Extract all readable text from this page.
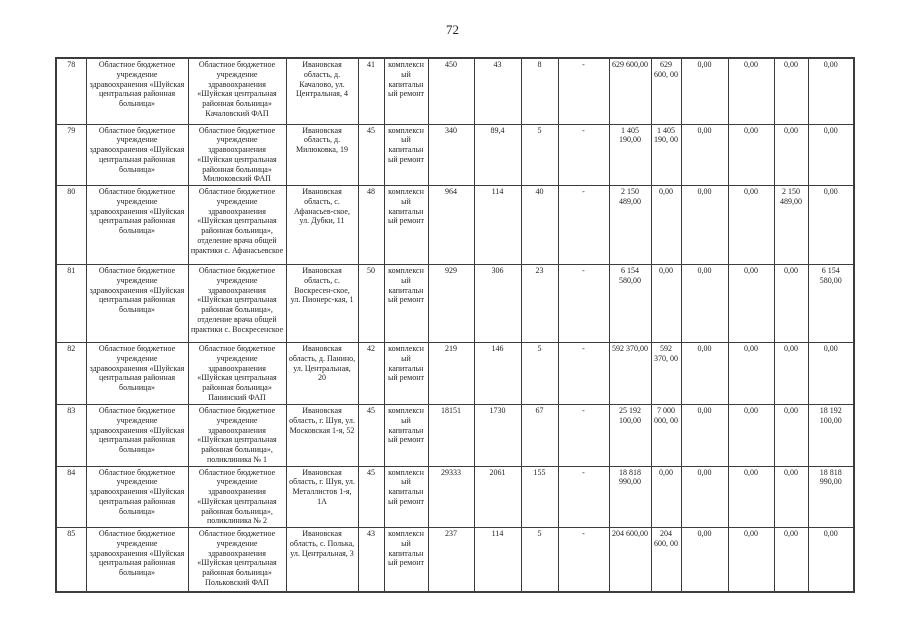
72
78	Областное бюджетное учреждение здравоохранения «Шуйская центральная районная больница»	Областное бюджетное учреждение здравоохранения «Шуйская центральная районная больница» Качаловский ФАП	Ивановская область, д. Качалово, ул. Центральная, 4	41	комплексный капитальный ремонт	450	43	8	-	629 600,00	629 600, 00	0,00	0,00	0,00	0,00
79	Областное бюджетное учреждение здравоохранения «Шуйская центральная районная больница»	Областное бюджетное учреждение здравоохранения «Шуйская центральная районная больница» Милюковский ФАП	Ивановская область, д. Милюковка, 19	45	комплексный капитальный ремонт	340	89,4	5	-	1 405 190,00	1 405 190, 00	0,00	0,00	0,00	0,00
80	Областное бюджетное учреждение здравоохранения «Шуйская центральная районная больница»	Областное бюджетное учреждение здравоохранения «Шуйская центральная районная больница», отделение врача общей практики с. Афанасьевское	Ивановская область, с. Афанасьев-ское, ул. Дубки, 11	48	комплексный капитальный ремонт	964	114	40	-	2 150 489,00	0,00	0,00	0,00	2 150 489,00	0,00
81	Областное бюджетное учреждение здравоохранения «Шуйская центральная районная больница»	Областное бюджетное учреждение здравоохранения «Шуйская центральная районная больница», отделение врача общей практики с. Воскресенское	Ивановская область, с. Воскресен-ское, ул. Пионерс-кая, 1	50	комплексный капитальный ремонт	929	306	23	-	6 154 580,00	0,00	0,00	0,00	0,00	6 154 580,00
82	Областное бюджетное учреждение здравоохранения «Шуйская центральная районная больница»	Областное бюджетное учреждение здравоохранения «Шуйская центральная районная больница» Панинский ФАП	Ивановская область, д. Панино, ул. Центральная, 20	42	комплексный капитальный ремонт	219	146	5	-	592 370,00	592 370, 00	0,00	0,00	0,00	0,00
83	Областное бюджетное учреждение здравоохранения «Шуйская центральная районная больница»	Областное бюджетное учреждение здравоохранения «Шуйская центральная районная больница», поликлиника № 1	Ивановская область, г. Шуя, ул. Московская 1-я, 52	45	комплексный капитальный ремонт	18151	1730	67	-	25 192 100,00	7 000 000, 00	0,00	0,00	0,00	18 192 100,00
84	Областное бюджетное учреждение здравоохранения «Шуйская центральная районная больница»	Областное бюджетное учреждение здравоохранения «Шуйская центральная районная больница», поликлиника № 2	Ивановская область, г. Шуя, ул. Металлистов 1-я, 1А	45	комплексный капитальный ремонт	29333	2061	155	-	18 818 990,00	0,00	0,00	0,00	0,00	18 818 990,00
85	Областное бюджетное учреждение здравоохранения «Шуйская центральная районная больница»	Областное бюджетное учреждение здравоохранения «Шуйская центральная районная больница» Польковский ФАП	Ивановская область, с. Полька, ул. Центральная, 3	43	комплексный капитальный ремонт	237	114	5	-	204 600,00	204 600, 00	0,00	0,00	0,00	0,00
